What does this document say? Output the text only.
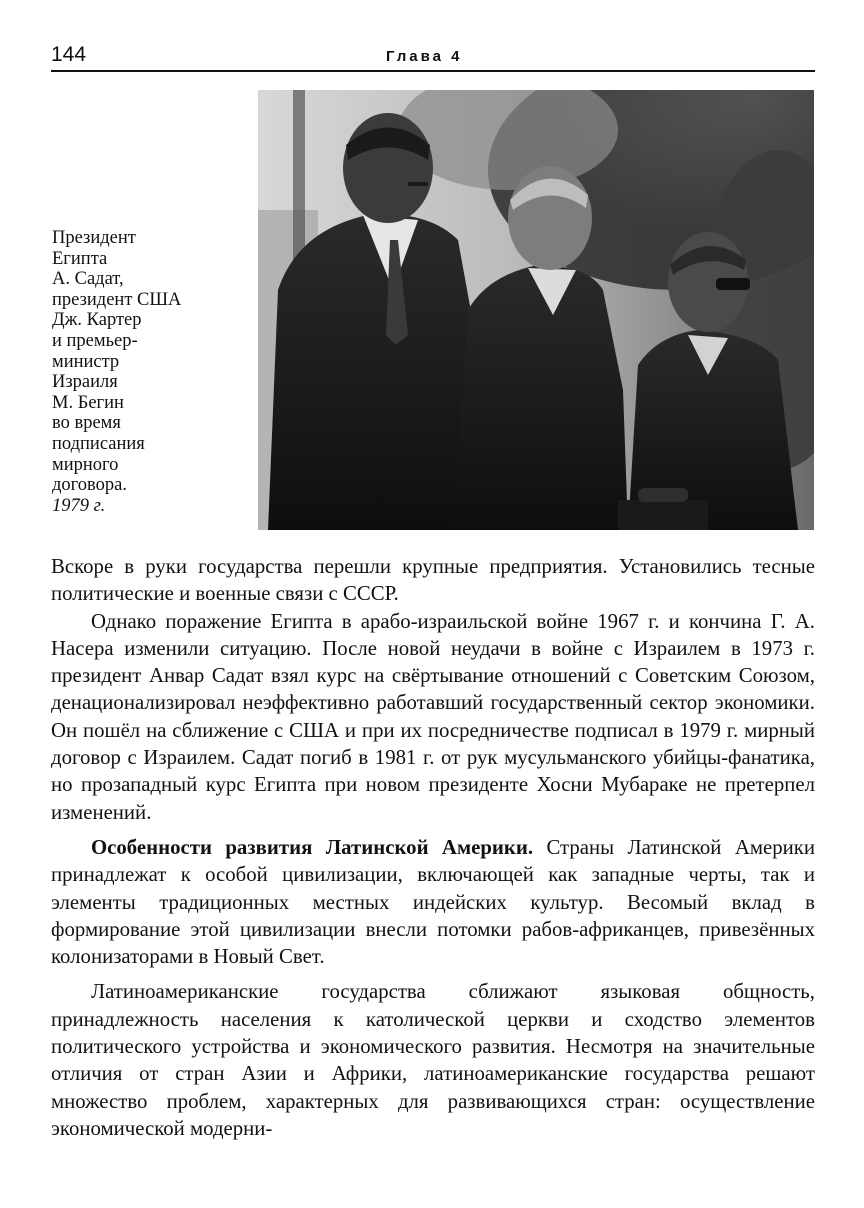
144	Глава 4
Президент
Египта
А. Садат,
президент США
Дж. Картер
и премьер-
министр
Израиля
М. Бегин
во время
подписания
мирного
договора.
1979 г.

Вскоре в руки государства перешли крупные предприятия. Установились тесные политические и военные связи с СССР.

Однако поражение Египта в арабо-израильской войне 1967 г. и кончина Г. А. Насера изменили ситуацию. После новой неудачи в войне с Израилем в 1973 г. президент Анвар Садат взял курс на свёртывание отношений с Советским Союзом, денационализировал неэффективно работавший государственный сектор экономики. Он пошёл на сближение с США и при их посредничестве подписал в 1979 г. мирный договор с Израилем. Садат погиб в 1981 г. от рук мусульманского убийцы-фанатика, но прозападный курс Египта при новом президенте Хосни Мубараке не претерпел изменений.

Особенности развития Латинской Америки. Страны Латинской Америки принадлежат к особой цивилизации, включающей как западные черты, так и элементы традиционных местных индейских культур. Весомый вклад в формирование этой цивилизации внесли потомки рабов-африканцев, привезённых колонизаторами в Новый Свет.

Латиноамериканские государства сближают языковая общность, принадлежность населения к католической церкви и сходство элементов политического устройства и экономического развития. Несмотря на значительные отличия от стран Азии и Африки, латиноамериканские государства решают множество проблем, характерных для развивающихся стран: осуществление экономической модерни-
